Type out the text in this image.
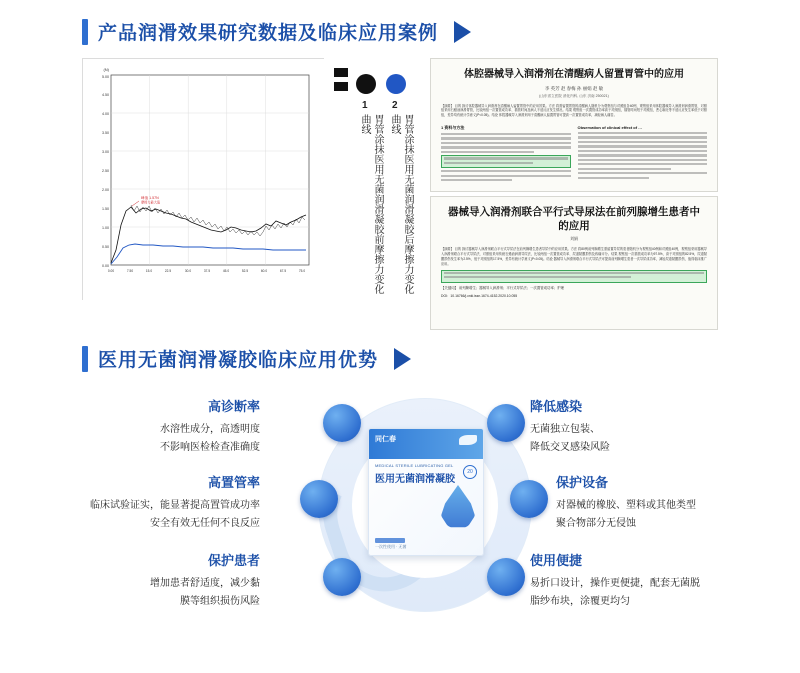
产品润滑效果研究数据及临床应用案例
(N)
0.00
0.50
1.00
1.50
2.00
2.50
3.00
3.50
4.00
4.50
5.00
0.00	7.50	15.0	22.5	30.0	37.5	45.0	52.5	60.0	67.5	75.0
峰值 1.57N
摩擦力最大值
1 2
胃管涂抹医用无菌润滑凝胶前摩擦力变化曲线	胃管涂抹医用无菌润滑凝胶后摩擦力变化曲线
体腔器械导入润滑剂在清醒病人留置胃管中的应用
李 英芳 赵 春梅 孙 丽娟 赵 敏
(山东省立医院 消化内科, 山东 济南 250021)
【摘要】 目的 探讨体腔器械导入润滑剂在清醒病人留置胃管中的应用效果。方法 将需留置胃管的清醒病人随机分为观察组与对照组各40例，观察组采用体腔器械导入润滑剂润滑胃管，对照组采用石蜡油润滑胃管，比较两组一次置管成功率、插管时间及病人不适反应发生情况。结果 观察组一次置管成功率高于对照组，插管时间短于对照组，恶心呕吐等不适反应发生率低于对照组，差异均有统计学意义(P<0.05)。结论 体腔器械导入润滑剂用于清醒病人留置胃管可提高一次置管成功率，减轻病人痛苦。
1 资料与方法	Observation of clinical effect of …
器械导入润滑剂联合平行式导尿法在前列腺增生患者中的应用
刘娟
【摘要】 目的 探讨器械导入润滑剂联合平行式导尿法在前列腺增生患者导尿中的应用效果。方法 将80例前列腺增生需留置导尿的患者随机分为观察组40例和对照组40例，观察组采用器械导入润滑剂联合平行式导尿法，对照组采用传统石蜡油润滑导尿法，比较两组一次置管成功率、尿道黏膜损伤及疼痛评分。结果 观察组一次插管成功率为97.5%，高于对照组的82.5%，尿道黏膜损伤发生率为2.5%，低于对照组的17.5%，差异有统计学意义(P<0.05)。结论 器械导入润滑剂联合平行式导尿法可提高前列腺增生患者一次导尿成功率，减轻尿道黏膜损伤，值得临床推广应用。
【关键词】 前列腺增生；器械导入润滑剂；平行式导尿法；一次置管成功率；护理
DOI：10.16766/j.cnki.issn.1674-4152.2020.10.055
医用无菌润滑凝胶临床应用优势
同仁春
MEDICAL STERILE LUBRICATING GEL
医用无菌润滑凝胶
20
一次性使用 · 无菌
高诊断率
水溶性成分，高透明度
不影响医检检查准确度
高置管率
临床试验证实，能显著提高置管成功率
安全有效无任何不良反应
保护患者
增加患者舒适度，减少黏
膜等组织损伤风险
降低感染
无菌独立包装、
降低交叉感染风险
保护设备
对器械的橡胶、塑料或其他类型
聚合物部分无侵蚀
使用便捷
易折口设计，操作更便捷，配套无菌脱
脂纱布块，涂覆更均匀
